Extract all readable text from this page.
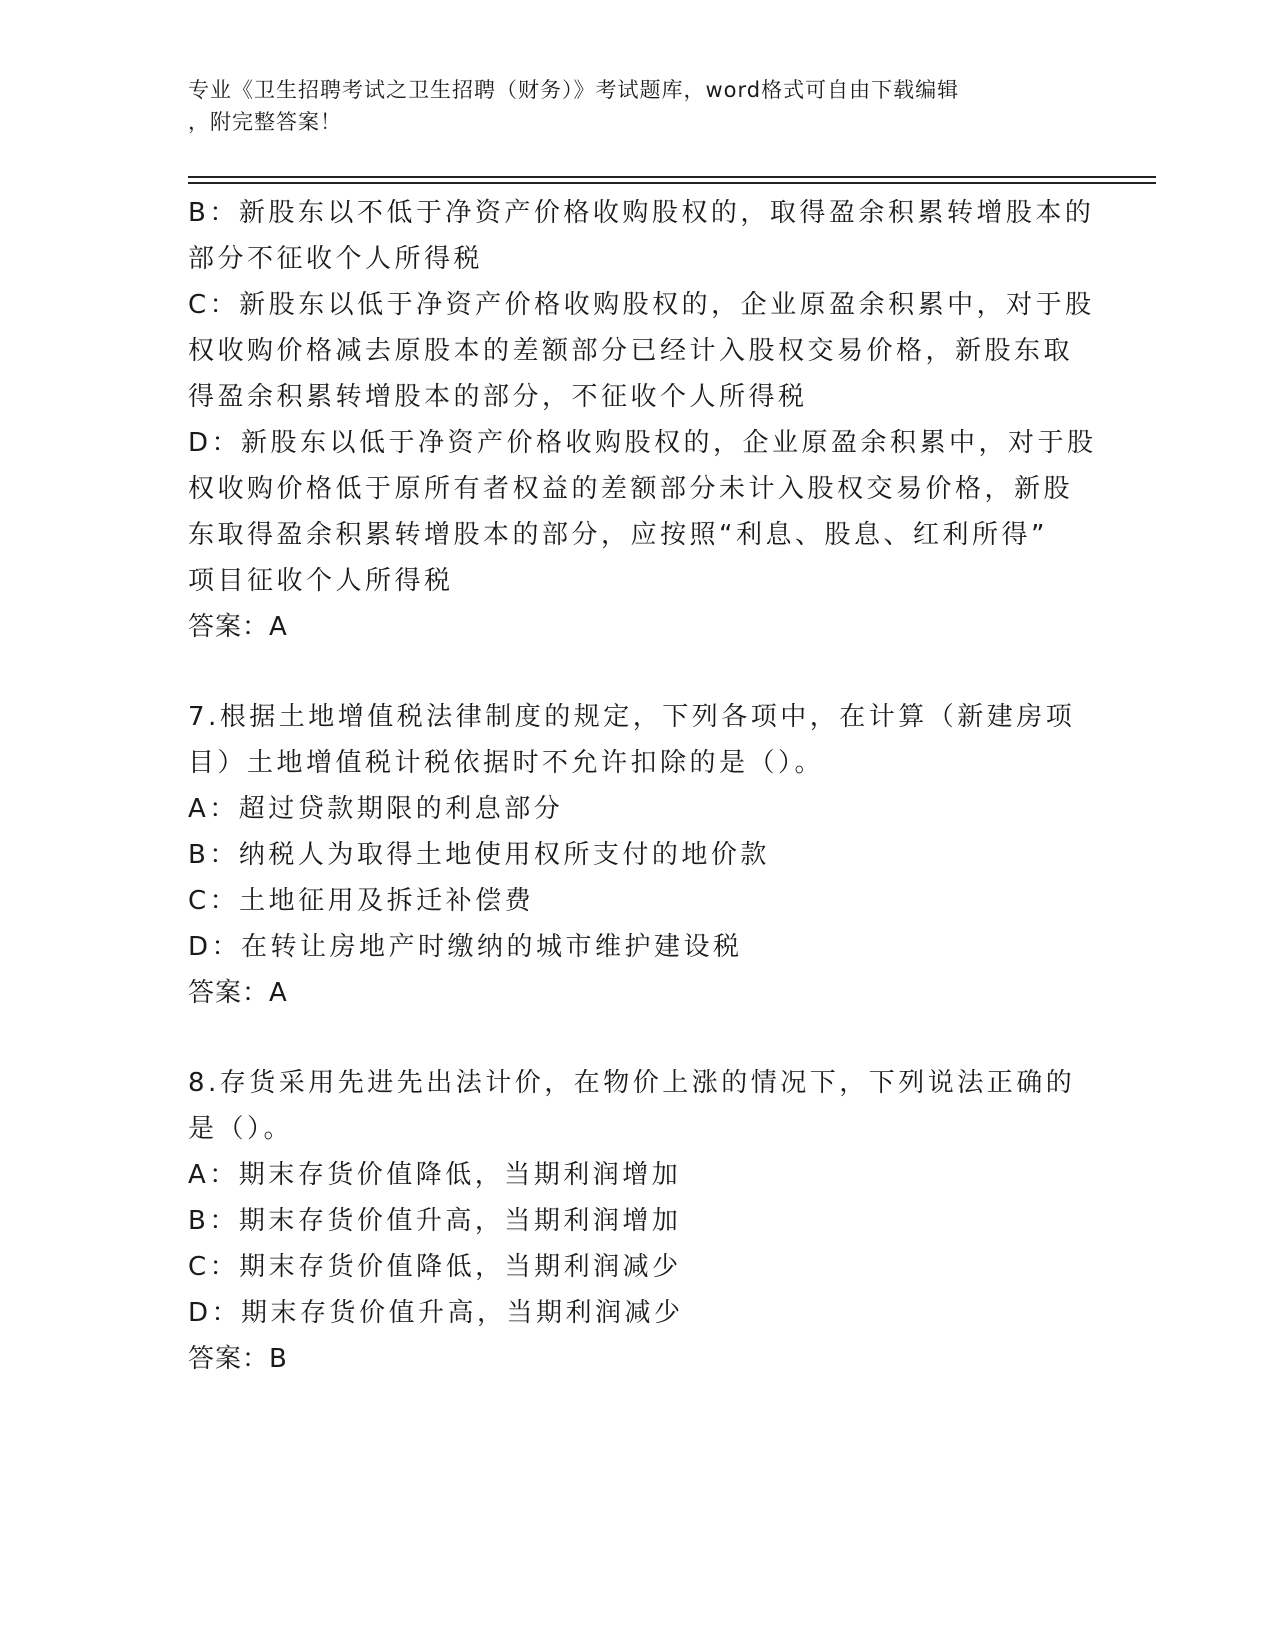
专业《卫生招聘考试之卫生招聘（财务）》考试题库，word格式可自由下载编辑
，附完整答案！

B：新股东以不低于净资产价格收购股权的，取得盈余积累转增股本的

部分不征收个人所得税

C：新股东以低于净资产价格收购股权的，企业原盈余积累中，对于股

权收购价格减去原股本的差额部分已经计入股权交易价格，新股东取

得盈余积累转增股本的部分，不征收个人所得税

D：新股东以低于净资产价格收购股权的，企业原盈余积累中，对于股

权收购价格低于原所有者权益的差额部分未计入股权交易价格，新股

东取得盈余积累转增股本的部分，应按照“利息、股息、红利所得”

项目征收个人所得税

答案：A

7.根据土地增值税法律制度的规定，下列各项中，在计算（新建房项

目）土地增值税计税依据时不允许扣除的是（）。

A：超过贷款期限的利息部分

B：纳税人为取得土地使用权所支付的地价款

C：土地征用及拆迁补偿费

D：在转让房地产时缴纳的城市维护建设税

答案：A

8.存货采用先进先出法计价，在物价上涨的情况下，下列说法正确的

是（）。

A：期末存货价值降低，当期利润增加

B：期末存货价值升高，当期利润增加

C：期末存货价值降低，当期利润减少

D：期末存货价值升高，当期利润减少

答案：B
